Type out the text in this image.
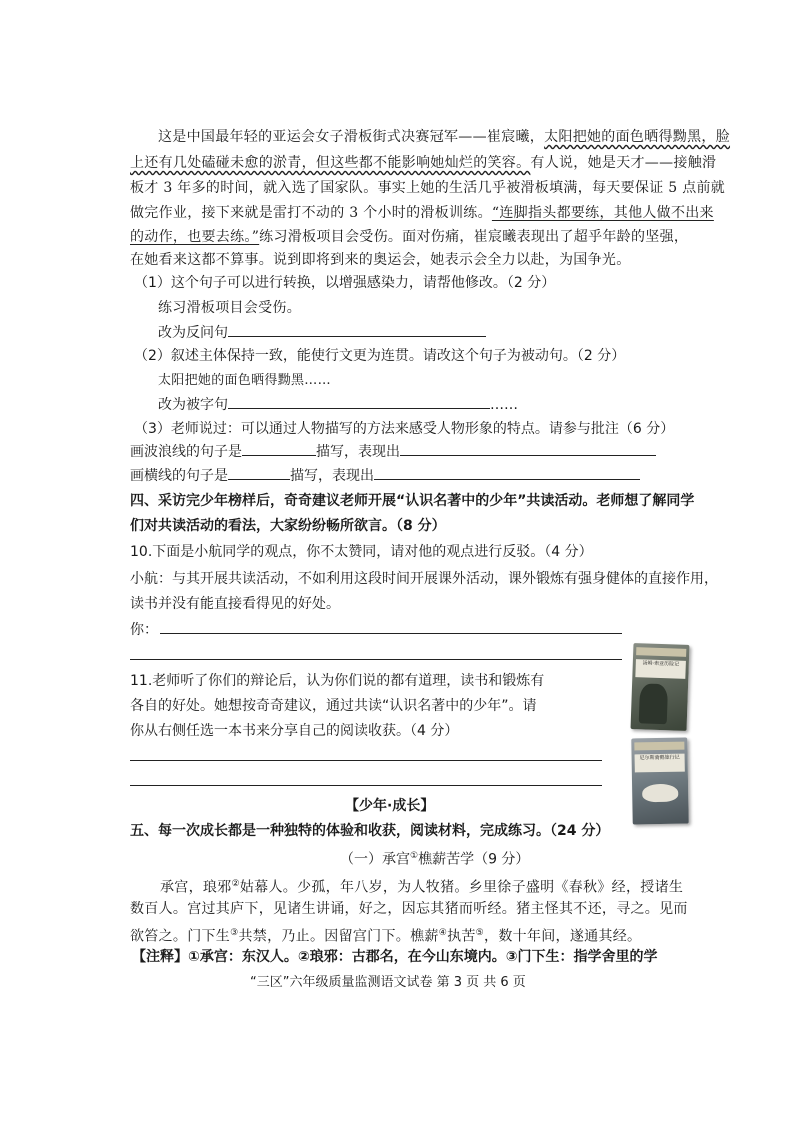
这是中国最年轻的亚运会女子滑板街式决赛冠军——崔宸曦，太阳把她的面色晒得黝黑，脸
上还有几处磕碰未愈的淤青，但这些都不能影响她灿烂的笑容。有人说，她是天才——接触滑
板才 3 年多的时间，就入选了国家队。事实上她的生活几乎被滑板填满，每天要保证 5 点前就
做完作业，接下来就是雷打不动的 3 个小时的滑板训练。“连脚指头都要练，其他人做不出来
的动作，也要去练。”练习滑板项目会受伤。面对伤痛，崔宸曦表现出了超乎年龄的坚强，
在她看来这都不算事。说到即将到来的奥运会，她表示会全力以赴，为国争光。
（1）这个句子可以进行转换，以增强感染力，请帮他修改。（2 分）
练习滑板项目会受伤。
改为反问句
（2）叙述主体保持一致，能使行文更为连贯。请改这个句子为被动句。（2 分）
太阳把她的面色晒得黝黑……
改为被字句	……
（3）老师说过：可以通过人物描写的方法来感受人物形象的特点。请参与批注（6 分）
画波浪线的句子是	描写，表现出
画横线的句子是	描写，表现出
四、采访完少年榜样后，奇奇建议老师开展“认识名著中的少年”共读活动。老师想了解同学
们对共读活动的看法，大家纷纷畅所欲言。（8 分）
10.下面是小航同学的观点，你不太赞同，请对他的观点进行反驳。（4 分）
小航：与其开展共读活动，不如利用这段时间开展课外活动，课外锻炼有强身健体的直接作用，
读书并没有能直接看得见的好处。
你：
11.老师听了你们的辩论后，认为你们说的都有道理，读书和锻炼有
各自的好处。她想按奇奇建议，通过共读“认识名著中的少年”。请
你从右侧任选一本书来分享自己的阅读收获。（4 分）
汤姆·索亚历险记
尼尔斯骑鹅旅行记
【少年·成长】
五、每一次成长都是一种独特的体验和收获，阅读材料，完成练习。（24 分）
（一）承宫①樵薪苦学（9 分）
承宫，琅邪②姑幕人。少孤，年八岁，为人牧猪。乡里徐子盛明《春秋》经，授诸生
数百人。宫过其庐下，见诸生讲诵，好之，因忘其猪而听经。猪主怪其不还，寻之。见而
欲笞之。门下生③共禁，乃止。因留宫门下。樵薪④执苦⑤，数十年间，遂通其经。
【注释】①承宫：东汉人。②琅邪：古郡名，在今山东境内。③门下生：指学舍里的学
“三区”六年级质量监测语文试卷 第 3 页 共 6 页
